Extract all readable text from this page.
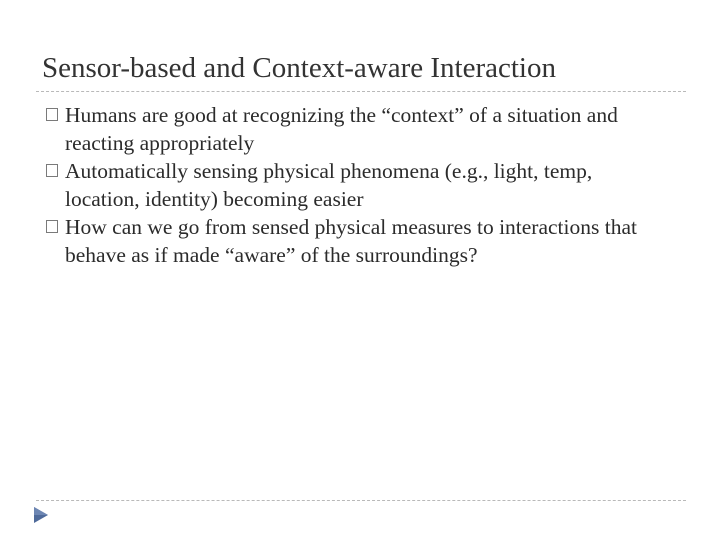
Sensor-based and Context-aware Interaction
Humans are good at recognizing the “context” of a situation and reacting appropriately
Automatically sensing physical phenomena (e.g., light, temp, location, identity) becoming easier
How can we go from sensed physical measures to interactions that behave as if made “aware” of the surroundings?
